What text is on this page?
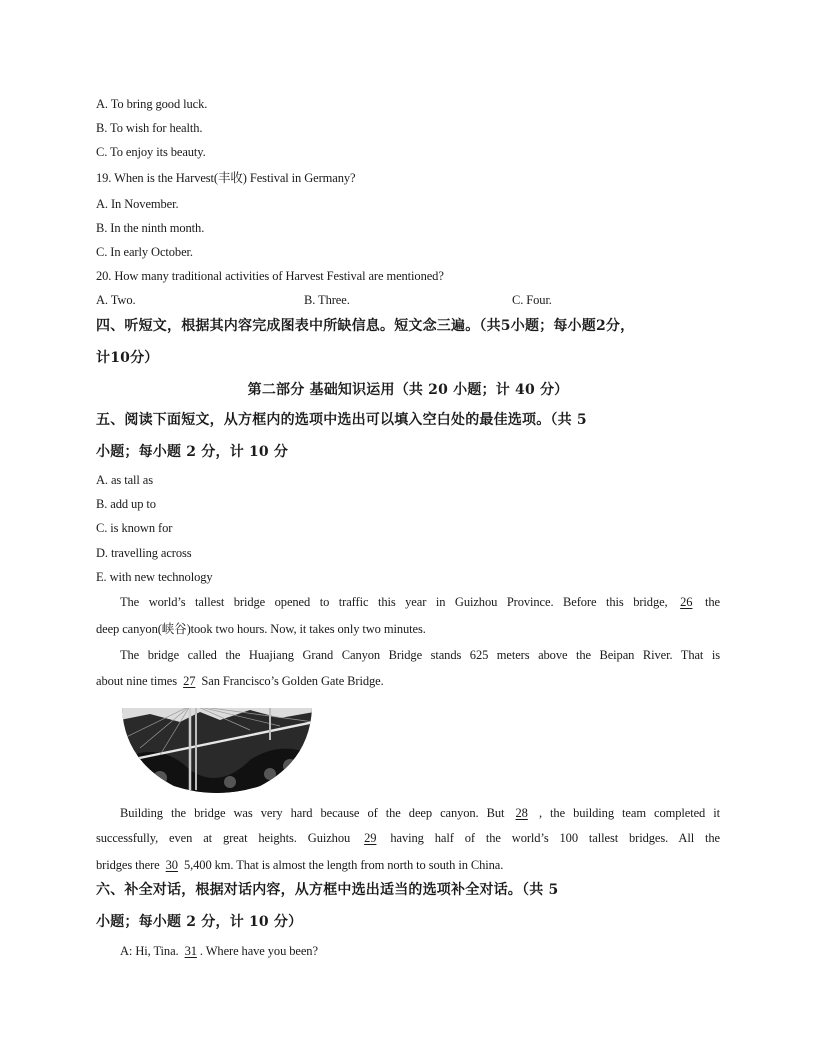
A. To bring good luck.
B. To wish for health.
C. To enjoy its beauty.
19. When is the Harvest(丰收) Festival in Germany?
A. In November.
B. In the ninth month.
C. In early October.
20. How many traditional activities of Harvest Festival are mentioned?
A. Two.	B. Three.	C. Four.
四、听短文，根据其内容完成图表中所缺信息。短文念三遍。（共5小题；每小题2分，
计10分）
第二部分 基础知识运用（共 20 小题；计 40 分）
五、阅读下面短文，从方框内的选项中选出可以填入空白处的最佳选项。（共 5
小题；每小题 2 分，计 10 分
A. as tall as
B. add up to
C. is known for
D. travelling across
E. with new technology
The world’s tallest bridge opened to traffic this year in Guizhou Province. Before this bridge, 26 the
deep canyon(峡谷)took two hours. Now, it takes only two minutes.
The bridge called the Huajiang Grand Canyon Bridge stands 625 meters above the Beipan River. That is
about nine times 27 San Francisco’s Golden Gate Bridge.
Building the bridge was very hard because of the deep canyon. But 28 , the building team completed it
successfully, even at great heights. Guizhou 29 having half of the world’s 100 tallest bridges. All the
bridges there 30 5,400 km. That is almost the length from north to south in China.
六、补全对话，根据对话内容，从方框中选出适当的选项补全对话。（共 5
小题；每小题 2 分，计 10 分）
A: Hi, Tina. 31 . Where have you been?
